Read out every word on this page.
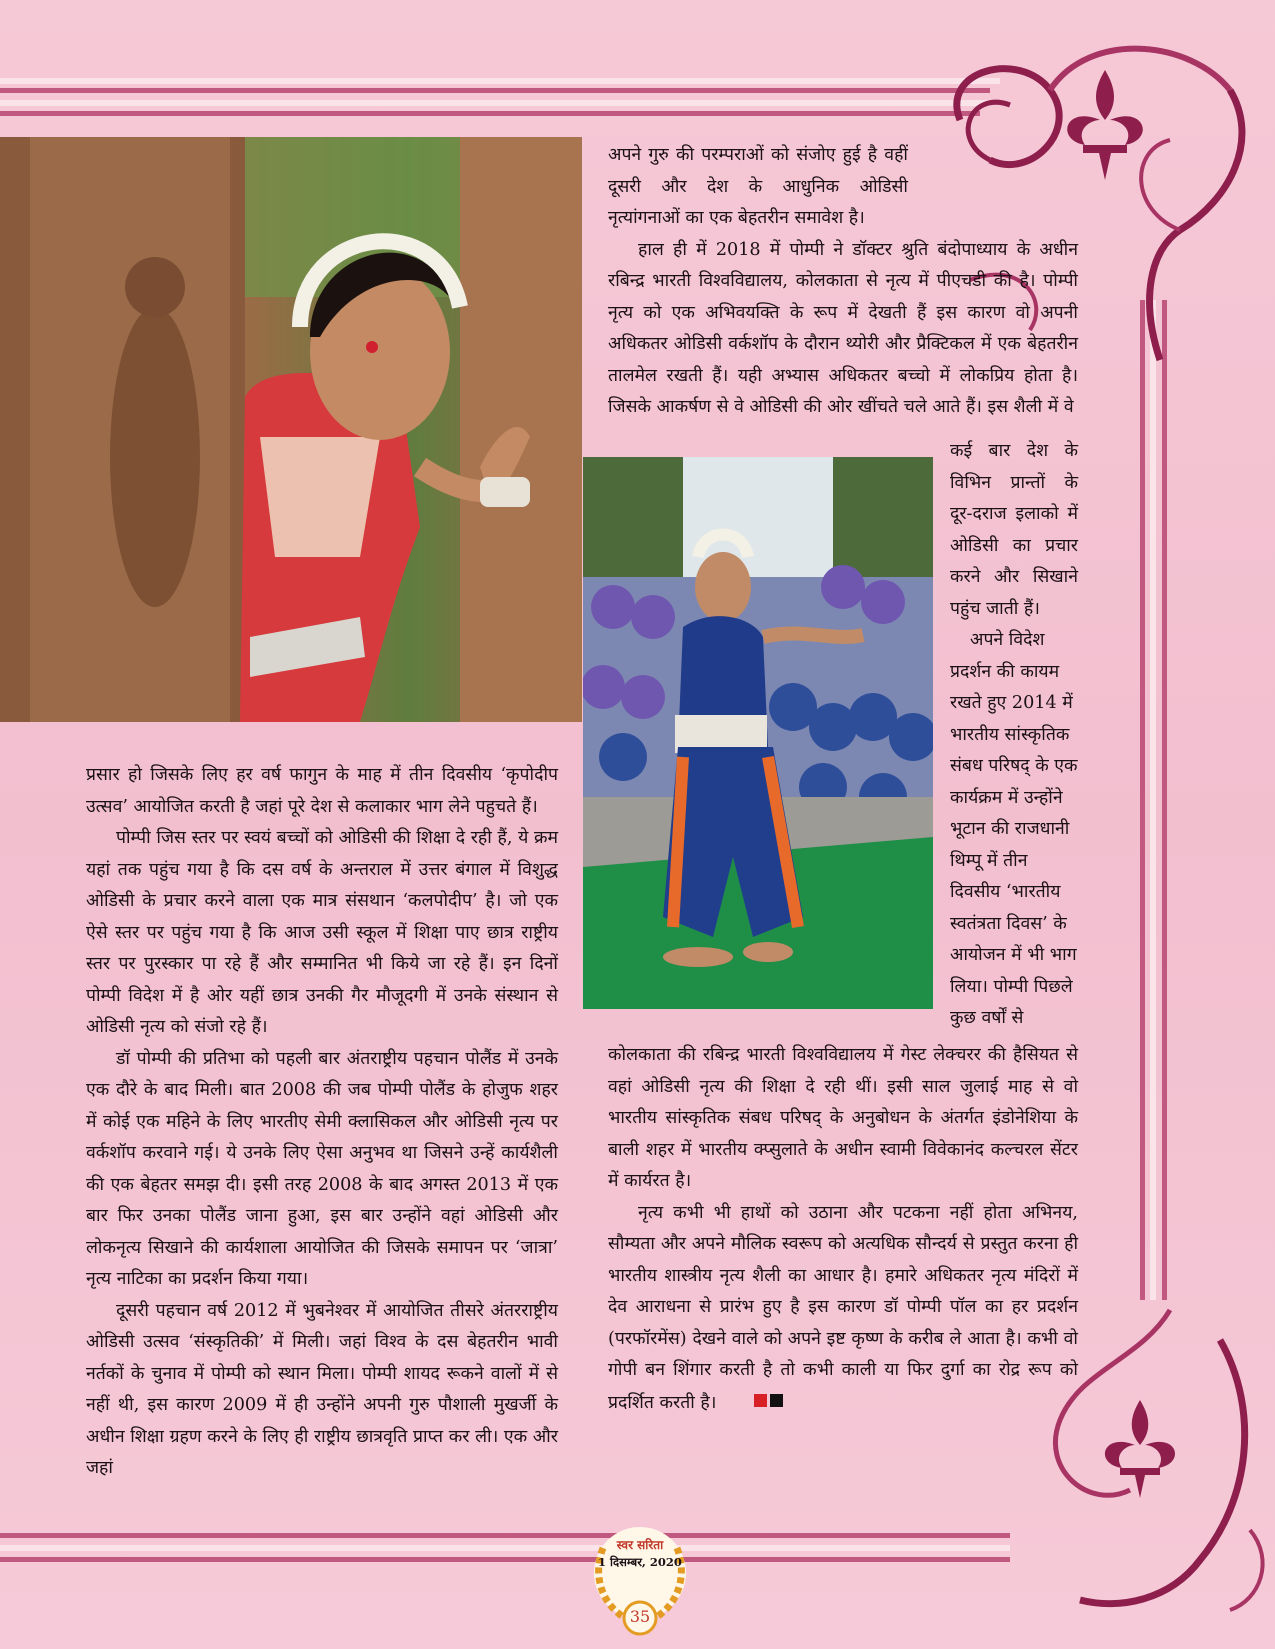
अपने गुरु की परम्पराओं को संजोए हुई है वहीं दूसरी और देश के आधुनिक ओडिसी नृत्यांगनाओं का एक बेहतरीन समावेश है।

हाल ही में 2018 में पोम्पी ने डॉक्टर श्रुति बंदोपाध्याय के अधीन रबिन्द्र भारती विश्वविद्यालय, कोलकाता से नृत्य में पीएचडी की है। पोम्पी नृत्य को एक अभिवयक्ति के रूप में देखती हैं इस कारण वो अपनी अधिकतर ओडिसी वर्कशॉप के दौरान थ्योरी और प्रैक्टिकल में एक बेहतरीन तालमेल रखती हैं। यही अभ्यास अधिकतर बच्चो में लोकप्रिय होता है। जिसके आकर्षण से वे ओडिसी की ओर खींचते चले आते हैं। इस शैली में वे

कई बार देश के विभिन प्रान्तों के दूर-दराज इलाको में ओडिसी का प्रचार करने और सिखाने पहुंच जाती हैं।

अपने विदेश प्रदर्शन की कायम रखते हुए 2014 में भारतीय सांस्कृतिक संबध परिषद् के एक कार्यक्रम में उन्होंने भूटान की राजधानी थिम्पू में तीन दिवसीय ‘भारतीय स्वतंत्रता दिवस’ के आयोजन में भी भाग लिया। पोम्पी पिछले कुछ वर्षों से

कोलकाता की रबिन्द्र भारती विश्वविद्यालय में गेस्ट लेक्चरर की हैसियत से वहां ओडिसी नृत्य की शिक्षा दे रही थीं। इसी साल जुलाई माह से वो भारतीय सांस्कृतिक संबध परिषद् के अनुबोधन के अंतर्गत इंडोनेशिया के बाली शहर में भारतीय क्प्सुलाते के अधीन स्वामी विवेकानंद कल्चरल सेंटर में कार्यरत है।

नृत्य कभी भी हाथों को उठाना और पटकना नहीं होता अभिनय, सौम्यता और अपने मौलिक स्वरूप को अत्यधिक सौन्दर्य से प्रस्तुत करना ही भारतीय शास्त्रीय नृत्य शैली का आधार है। हमारे अधिकतर नृत्य मंदिरों में देव आराधना से प्रारंभ हुए है इस कारण डॉ पोम्पी पॉल का हर प्रदर्शन (परफॉरमेंस) देखने वाले को अपने इष्ट कृष्ण के करीब ले आता है। कभी वो गोपी बन शिंगार करती है तो कभी काली या फिर दुर्गा का रोद्र रूप को प्रदर्शित करती है।

प्रसार हो जिसके लिए हर वर्ष फागुन के माह में तीन दिवसीय ‘कृपोदीप उत्सव’ आयोजित करती है जहां पूरे देश से कलाकार भाग लेने पहुचते हैं।

पोम्पी जिस स्तर पर स्वयं बच्चों को ओडिसी की शिक्षा दे रही हैं, ये क्रम यहां तक पहुंच गया है कि दस वर्ष के अन्तराल में उत्तर बंगाल में विशुद्ध ओडिसी के प्रचार करने वाला एक मात्र संसथान ‘कलपोदीप’ है। जो एक ऐसे स्तर पर पहुंच गया है कि आज उसी स्कूल में शिक्षा पाए छात्र राष्ट्रीय स्तर पर पुरस्कार पा रहे हैं और सम्मानित भी किये जा रहे हैं। इन दिनों पोम्पी विदेश में है ओर यहीं छात्र उनकी गैर मौजूदगी में उनके संस्थान से ओडिसी नृत्य को संजो रहे हैं।

डॉ पोम्पी की प्रतिभा को पहली बार अंतराष्ट्रीय पहचान पोलैंड में उनके एक दौरे के बाद मिली। बात 2008 की जब पोम्पी पोलैंड के होजुफ शहर में कोई एक महिने के लिए भारतीए सेमी क्लासिकल और ओडिसी नृत्य पर वर्कशॉप करवाने गई। ये उनके लिए ऐसा अनुभव था जिसने उन्हें कार्यशैली की एक बेहतर समझ दी। इसी तरह 2008 के बाद अगस्त 2013 में एक बार फिर उनका पोलैंड जाना हुआ, इस बार उन्होंने वहां ओडिसी और लोकनृत्य सिखाने की कार्यशाला आयोजित की जिसके समापन पर ‘जात्रा’ नृत्य नाटिका का प्रदर्शन किया गया।

दूसरी पहचान वर्ष 2012 में भुबनेश्वर में आयोजित तीसरे अंतरराष्ट्रीय ओडिसी उत्सव ‘संस्कृतिकी’ में मिली। जहां विश्व के दस बेहतरीन भावी नर्तकों के चुनाव में पोम्पी को स्थान मिला। पोम्पी शायद रूकने वालों में से नहीं थी, इस कारण 2009 में ही उन्होंने अपनी गुरु पौशाली मुखर्जी के अधीन शिक्षा ग्रहण करने के लिए ही राष्ट्रीय छात्रवृति प्राप्त कर ली। एक और जहां

स्वर सरिता
1 दिसम्बर, 2020
35
